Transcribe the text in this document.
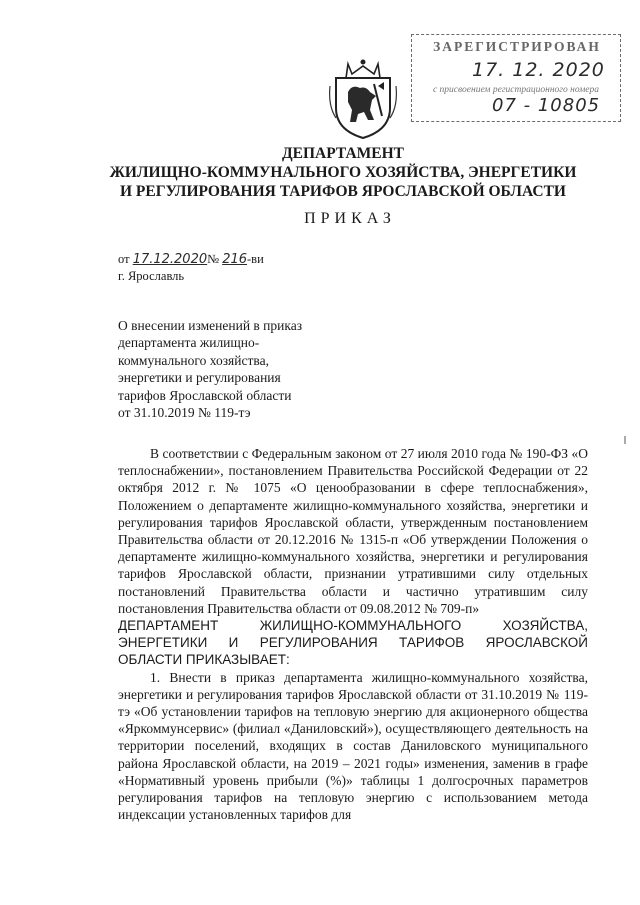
ЗАРЕГИСТРИРОВАН
17. 12. 2020
с присвоением регистрационного номера
07 - 10805
ДЕПАРТАМЕНТ
ЖИЛИЩНО-КОММУНАЛЬНОГО ХОЗЯЙСТВА, ЭНЕРГЕТИКИ
И РЕГУЛИРОВАНИЯ ТАРИФОВ ЯРОСЛАВСКОЙ ОБЛАСТИ
ПРИКАЗ
от 17.12.2020№ 216-ви
г. Ярославль
О внесении изменений в приказ
департамента жилищно-
коммунального хозяйства,
энергетики и регулирования
тарифов Ярославской области
от 31.10.2019 № 119-тэ

В соответствии с Федеральным законом от 27 июля 2010 года № 190-ФЗ «О теплоснабжении», постановлением Правительства Российской Федерации от 22 октября 2012 г. № 1075 «О ценообразовании в сфере теплоснабжения», Положением о департаменте жилищно-коммунального хозяйства, энергетики и регулирования тарифов Ярославской области, утвержденным постановлением Правительства области от 20.12.2016 № 1315-п «Об утверждении Положения о департаменте жилищно-коммунального хозяйства, энергетики и регулирования тарифов Ярославской области, признании утратившими силу отдельных постановлений Правительства области и частично утратившим силу постановления Правительства области от 09.08.2012 № 709-п»

ДЕПАРТАМЕНТ ЖИЛИЩНО-КОММУНАЛЬНОГО ХОЗЯЙСТВА,
ЭНЕРГЕТИКИ И РЕГУЛИРОВАНИЯ ТАРИФОВ ЯРОСЛАВСКОЙ
ОБЛАСТИ ПРИКАЗЫВАЕТ:

1. Внести в приказ департамента жилищно-коммунального хозяйства, энергетики и регулирования тарифов Ярославской области от 31.10.2019 № 119-тэ «Об установлении тарифов на тепловую энергию для акционерного общества «Яркоммунсервис» (филиал «Даниловский»), осуществляющего деятельность на территории поселений, входящих в состав Даниловского муниципального района Ярославской области, на 2019 – 2021 годы» изменения, заменив в графе «Нормативный уровень прибыли (%)» таблицы 1 долгосрочных параметров регулирования тарифов на тепловую энергию с использованием метода индексации установленных тарифов для
